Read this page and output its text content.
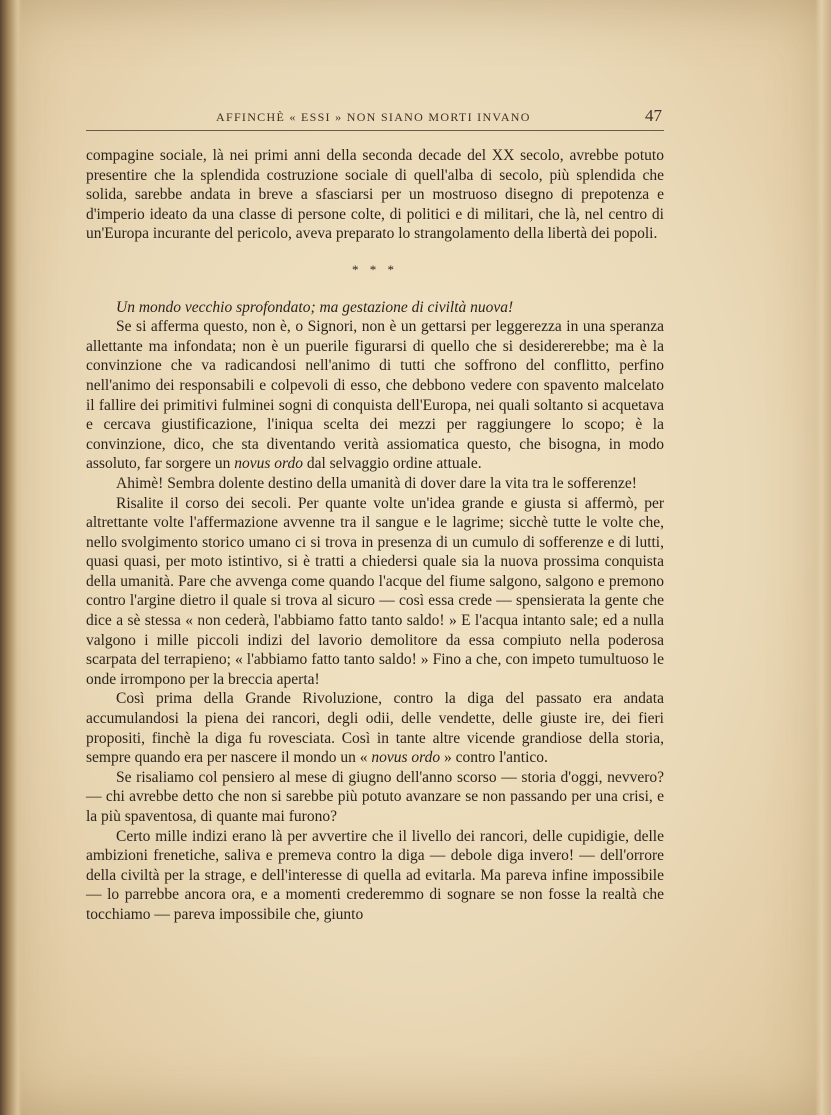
AFFINCHÈ « ESSI » NON SIANO MORTI INVANO	47

compagine sociale, là nei primi anni della seconda decade del XX secolo, avrebbe potuto presentire che la splendida costruzione sociale di quell'alba di secolo, più splendida che solida, sarebbe andata in breve a sfasciarsi per un mostruoso disegno di prepotenza e d'imperio ideato da una classe di persone colte, di politici e di militari, che là, nel centro di un'Europa incurante del pericolo, aveva preparato lo strangolamento della libertà dei popoli.

* * *

Un mondo vecchio sprofondato; ma gestazione di civiltà nuova!

Se si afferma questo, non è, o Signori, non è un gettarsi per leggerezza in una speranza allettante ma infondata; non è un puerile figurarsi di quello che si desidererebbe; ma è la convinzione che va radicandosi nell'animo di tutti che soffrono del conflitto, perfino nell'animo dei responsabili e colpevoli di esso, che debbono vedere con spavento malcelato il fallire dei primitivi fulminei sogni di conquista dell'Europa, nei quali soltanto si acquetava e cercava giustificazione, l'iniqua scelta dei mezzi per raggiungere lo scopo; è la convinzione, dico, che sta diventando verità assiomatica questo, che bisogna, in modo assoluto, far sorgere un novus ordo dal selvaggio ordine attuale.

Ahimè! Sembra dolente destino della umanità di dover dare la vita tra le sofferenze!

Risalite il corso dei secoli. Per quante volte un'idea grande e giusta si affermò, per altrettante volte l'affermazione avvenne tra il sangue e le lagrime; sicchè tutte le volte che, nello svolgimento storico umano ci si trova in presenza di un cumulo di sofferenze e di lutti, quasi quasi, per moto istintivo, si è tratti a chiedersi quale sia la nuova prossima conquista della umanità. Pare che avvenga come quando l'acque del fiume salgono, salgono e premono contro l'argine dietro il quale si trova al sicuro — così essa crede — spensierata la gente che dice a sè stessa « non cederà, l'abbiamo fatto tanto saldo! » E l'acqua intanto sale; ed a nulla valgono i mille piccoli indizi del lavorio demolitore da essa compiuto nella poderosa scarpata del terrapieno; « l'abbiamo fatto tanto saldo! » Fino a che, con impeto tumultuoso le onde irrompono per la breccia aperta!

Così prima della Grande Rivoluzione, contro la diga del passato era andata accumulandosi la piena dei rancori, degli odii, delle vendette, delle giuste ire, dei fieri propositi, finchè la diga fu rovesciata. Così in tante altre vicende grandiose della storia, sempre quando era per nascere il mondo un « novus ordo » contro l'antico.

Se risaliamo col pensiero al mese di giugno dell'anno scorso — storia d'oggi, nevvero? — chi avrebbe detto che non si sarebbe più potuto avanzare se non passando per una crisi, e la più spaventosa, di quante mai furono?

Certo mille indizi erano là per avvertire che il livello dei rancori, delle cupidigie, delle ambizioni frenetiche, saliva e premeva contro la diga — debole diga invero! — dell'orrore della civiltà per la strage, e dell'interesse di quella ad evitarla. Ma pareva infine impossibile — lo parrebbe ancora ora, e a momenti crederemmo di sognare se non fosse la realtà che tocchiamo — pareva impossibile che, giunto
